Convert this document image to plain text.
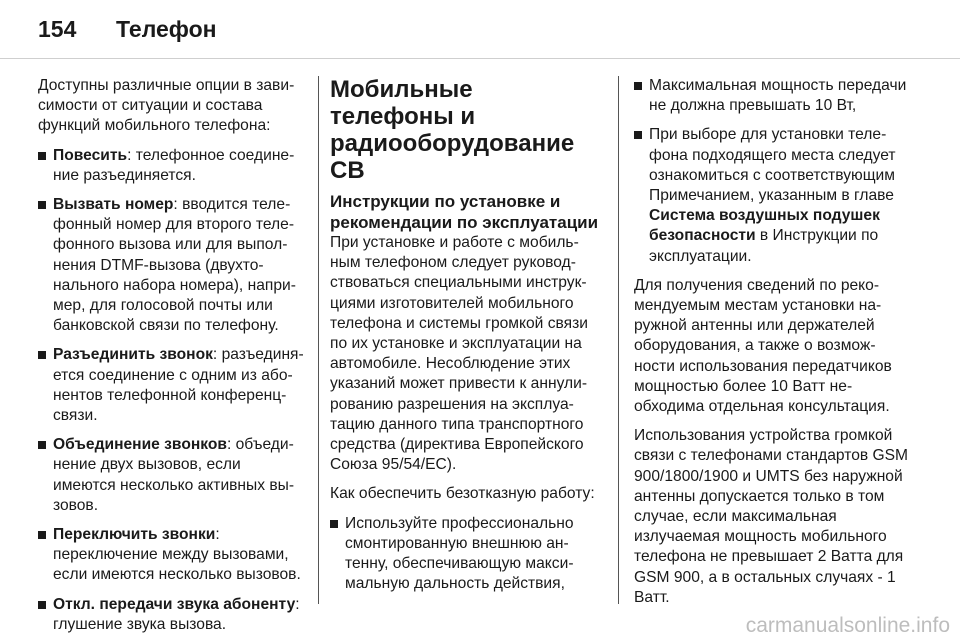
154 Телефон

Доступны различные опции в зависимости от ситуации и состава функций мобильного телефона:

Повесить: телефонное соединение разъединяется.
Вызвать номер: вводится телефонный номер для второго телефонного вызова или для выполнения DTMF-вызова (двухтонального набора номера), например, для голосовой почты или банковской связи по телефону.
Разъединить звонок: разъединяется соединение с одним из абонентов телефонной конференц-связи.
Объединение звонков: объединение двух вызовов, если имеются несколько активных вызовов.
Переключить звонки: переключение между вызовами, если имеются несколько вызовов.
Откл. передачи звука абоненту: глушение звука вызова.
Мобильные телефоны и радиооборудование СВ
Инструкции по установке и рекомендации по эксплуатации

При установке и работе с мобильным телефоном следует руководствоваться специальными инструкциями изготовителей мобильного телефона и системы громкой связи по их установке и эксплуатации на автомобиле. Несоблюдение этих указаний может привести к аннулированию разрешения на эксплуатацию данного типа транспортного средства (директива Европейского Союза 95/54/ЕС).

Как обеспечить безотказную работу:

Используйте профессионально смонтированную внешнюю антенну, обеспечивающую максимальную дальность действия,
Максимальная мощность передачи не должна превышать 10 Вт,
При выборе для установки телефона подходящего места следует ознакомиться с соответствующим Примечанием, указанным в главе Система воздушных подушек безопасности в Инструкции по эксплуатации.

Для получения сведений по рекомендуемым местам установки наружной антенны или держателей оборудования, а также о возможности использования передатчиков мощностью более 10 Ватт необходима отдельная консультация.

Использования устройства громкой связи с телефонами стандартов GSM 900/1800/1900 и UMTS без наружной антенны допускается только в том случае, если максимальная излучаемая мощность мобильного телефона не превышает 2 Ватта для GSM 900, а в остальных случаях - 1 Ватт.

carmanualsonline.info
